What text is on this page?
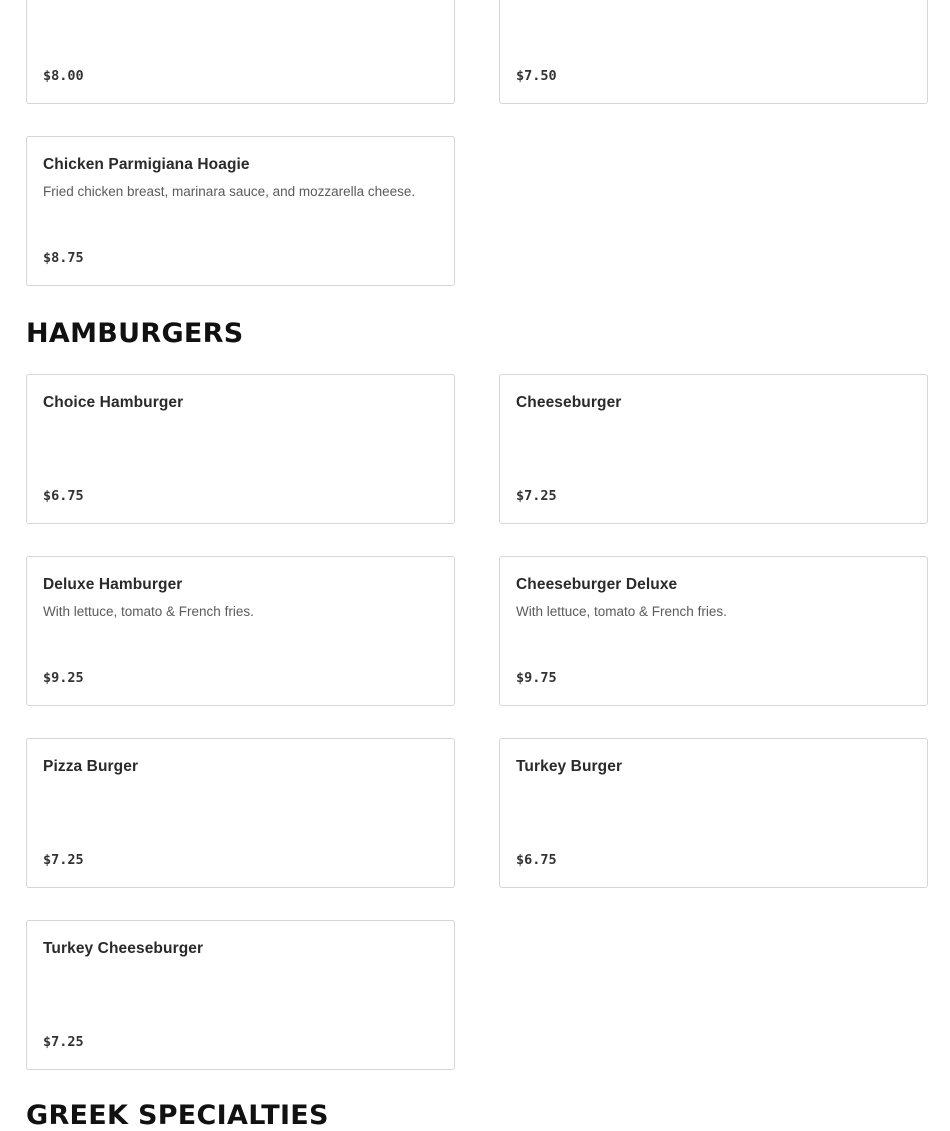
$8.00	$7.50
Chicken Parmigiana Hoagie
Fried chicken breast, marinara sauce, and mozzarella cheese.
$8.75
HAMBURGERS
Choice Hamburger
$6.75
Cheeseburger
$7.25
Deluxe Hamburger
With lettuce, tomato & French fries.
$9.25
Cheeseburger Deluxe
With lettuce, tomato & French fries.
$9.75
Pizza Burger
$7.25
Turkey Burger
$6.75
Turkey Cheeseburger
$7.25
GREEK SPECIALTIES
